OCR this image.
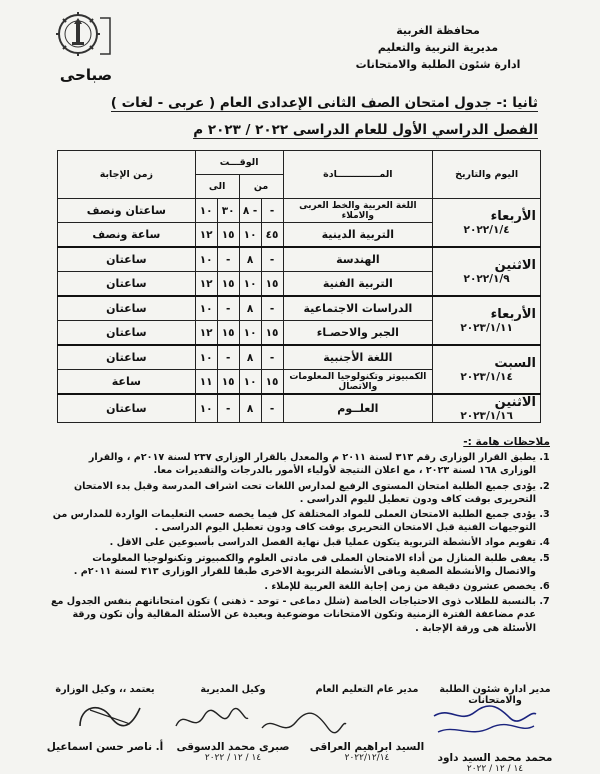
صباحى
محافظة الغربية
مديرية التربية والتعليم
ادارة شئون الطلبة والامتحانات
ثانيا :- جدول امتحان الصف الثانى الإعدادى العام ( عربى - لغات )
الفصل الدراسي الأول للعام الدراسى ٢٠٢٢ / ٢٠٢٣ م
اليوم والتاريخ	المـــــــــــــادة	الوقـــت				زمن الإجابة
		من		الى		

الأربعاء
٢٠٢٢/١/٤	اللغة العربية والخط العربى والاملاء	-	٨ -	٣٠	١٠	ساعتان ونصف
	التربية الدينية	٤٥	١٠	١٥	١٢	ساعة ونصف

الاثنين
٢٠٢٢/١/٩	الهندسة	-	٨	-	١٠	ساعتان
	التربية الفنية	١٥	١٠	١٥	١٢	ساعتان

الأربعاء
٢٠٢٣/١/١١	الدراسات الاجتماعية	-	٨	-	١٠	ساعتان
	الجبر والاحصـاء	١٥	١٠	١٥	١٢	ساعتان

السبت
٢٠٢٣/١/١٤	اللغة الأجنبية	-	٨	-	١٠	ساعتان
	الكمبيوتر وتكنولوجيا المعلومات والاتصال	١٥	١٠	١٥	١١	ساعة

الاثنين
٢٠٢٣/١/١٦	العلــوم	-	٨	-	١٠	ساعتان
ملاحظات هامة :-
1. يطبق القرار الوزارى رقم ٣١٣ لسنة ٢٠١١ م والمعدل بالقرار الوزارى ٢٣٧ لسنة ٢٠١٧م ، والقرار الوزارى ١٦٨ لسنة ٢٠٢٣ ، مع اعلان النتيجة لأولياء الأمور بالدرجات والتقديرات معا.
2. يؤدى جميع الطلبة امتحان المستوى الرفيع لمدارس اللغات تحت اشراف المدرسة وقبل بدء الامتحان التحريرى بوقت كاف ودون تعطيل لليوم الدراسى .
3. يؤدى جميع الطلبة الامتحان العملى للمواد المختلفة كل فيما يخصه حسب التعليمات الواردة للمدارس من التوجيهات الفنية قبل الامتحان التحريرى بوقت كاف ودون تعطيل اليوم الدراسى .
4. تقويم مواد الأنشطة التربوية يتكون عمليا قبل نهاية الفصل الدراسى بأسبوعين على الاقل .
5. يعفى طلبة المنازل من أداء الامتحان العملى فى مادتى العلوم والكمبيوتر وتكنولوجيا المعلومات والاتصال والأنشطة الصفية وباقى الأنشطة التربوية الاخرى طبقا للقرار الوزارى ٣١٣ لسنة ٢٠١١م .
6. يخصص عشرون دقيقة من زمن إجابة اللغة العربية للإملاء .
7. بالنسبة للطلاب ذوى الاحتياجات الخاصة (شلل دماغى - توحد - ذهنى ) تكون امتحاناتهم بنفس الجدول مع عدم مضاعفة الفترة الزمنية وتكون الامتحانات موضوعية وبعيدة عن الأسئلة المقالية وأن تكون ورقة الأسئلة هى ورقة الإجابة .
مدير ادارة شئون الطلبة والامتحانات
محمد محمد السيد داود
١٤ / ١٢ / ٢٠٢٢
مدير عام التعليم العام
السيد ابراهيم العراقى
٢٠٢٢/١٢/١٤
وكيل المديرية
صبرى محمد الدسوقى
١٤ / ١٢ / ٢٠٢٢
يعتمد ،، وكيل الوزارة
أ. ناصر حسن اسماعيل
